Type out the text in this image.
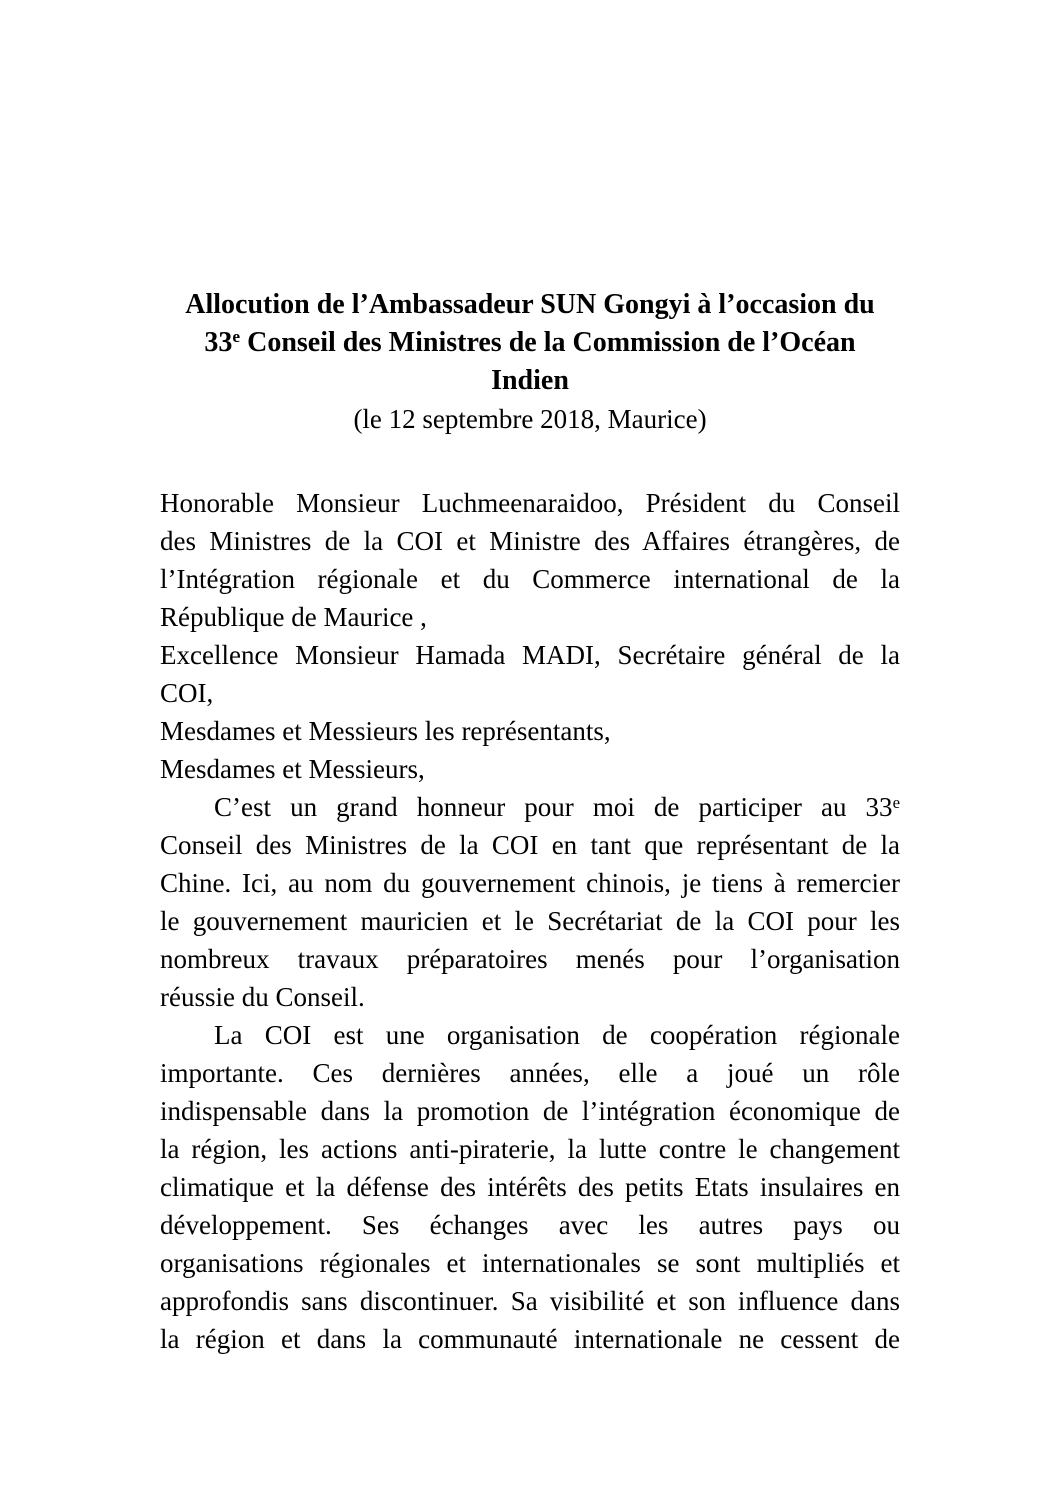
Allocution de l’Ambassadeur SUN Gongyi à l’occasion du
33e Conseil des Ministres de la Commission de l’Océan
Indien
(le 12 septembre 2018, Maurice)
Honorable Monsieur Luchmeenaraidoo, Président du Conseil
des Ministres de la COI et Ministre des Affaires étrangères, de
l’Intégration régionale et du Commerce international de la
République de Maurice ,
Excellence Monsieur Hamada MADI, Secrétaire général de la
COI,
Mesdames et Messieurs les représentants,
Mesdames et Messieurs,
C’est un grand honneur pour moi de participer au 33e
Conseil des Ministres de la COI en tant que représentant de la
Chine. Ici, au nom du gouvernement chinois, je tiens à remercier
le gouvernement mauricien et le Secrétariat de la COI pour les
nombreux travaux préparatoires menés pour l’organisation
réussie du Conseil.
La COI est une organisation de coopération régionale
importante. Ces dernières années, elle a joué un rôle
indispensable dans la promotion de l’intégration économique de
la région, les actions anti-piraterie, la lutte contre le changement
climatique et la défense des intérêts des petits Etats insulaires en
développement. Ses échanges avec les autres pays ou
organisations régionales et internationales se sont multipliés et
approfondis sans discontinuer. Sa visibilité et son influence dans
la région et dans la communauté internationale ne cessent de
